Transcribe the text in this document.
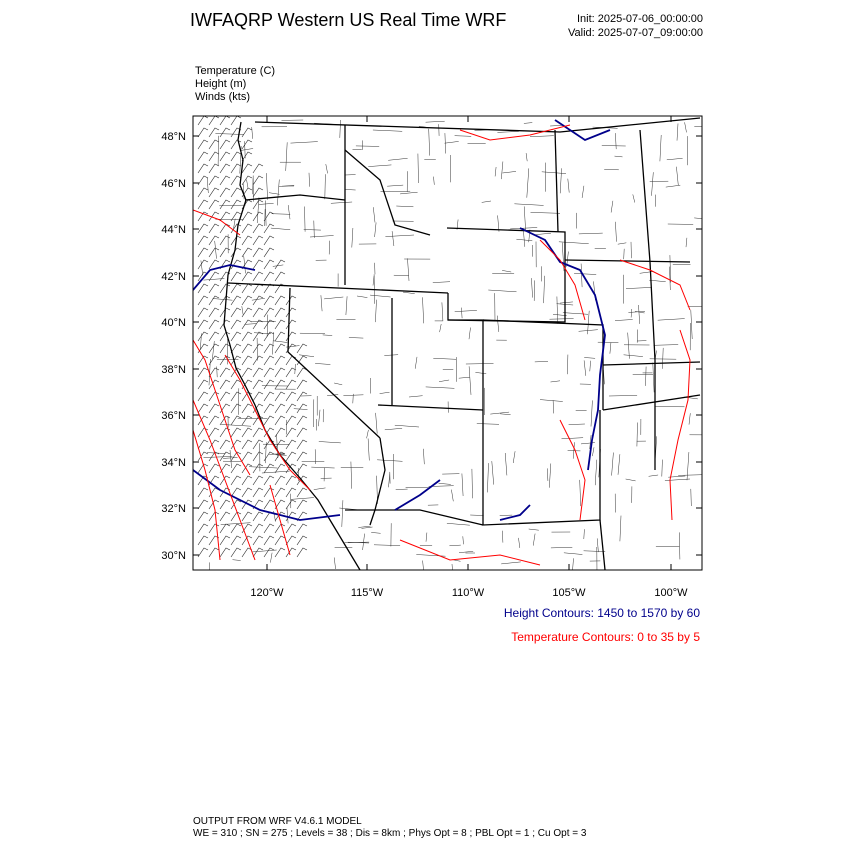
IWFAQRP Western US Real Time WRF	Init: 2025-07-06_00:00:00
Valid: 2025-07-07_09:00:00
Temperature (C)
Height (m)
Winds (kts)
48°N
46°N
44°N
42°N
40°N
38°N
36°N
34°N
32°N
30°N
120°W	115°W	110°W	105°W	100°W
Height Contours: 1450 to 1570 by 60
Temperature Contours: 0 to 35 by 5
OUTPUT FROM WRF V4.6.1 MODEL
WE = 310 ; SN = 275 ; Levels = 38 ; Dis = 8km ; Phys Opt = 8 ; PBL Opt = 1 ; Cu Opt = 3
